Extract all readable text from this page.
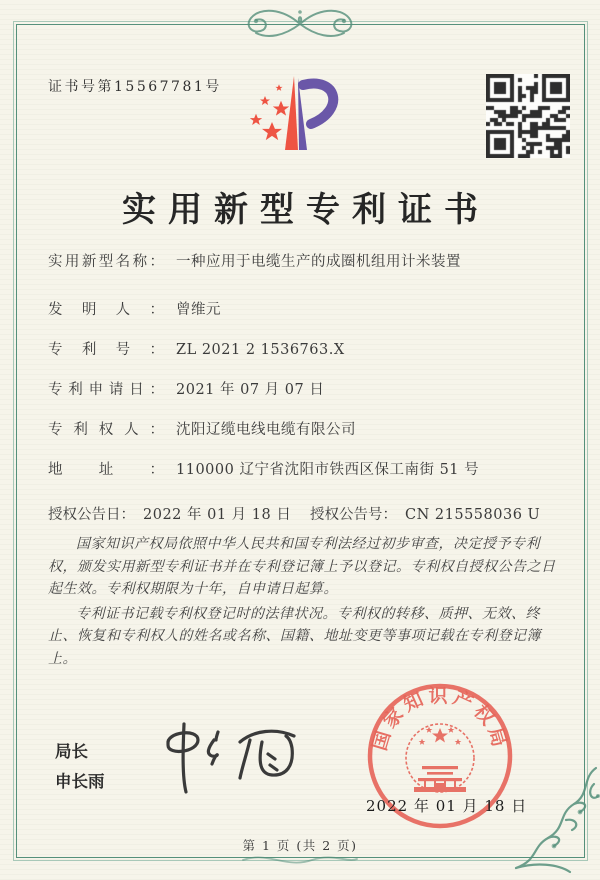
证书号第15567781号
实用新型专利证书
实用新型名称： 一种应用于电缆生产的成圈机组用计米装置
发明人： 曾维元
专利号： ZL 2021 2 1536763.X
专利申请日： 2021 年 07 月 07 日
专利权人： 沈阳辽缆电线电缆有限公司
地址： 110000 辽宁省沈阳市铁西区保工南街 51 号
授权公告日： 2022 年 01 月 18 日 授权公告号： CN 215558036 U

国家知识产权局依照中华人民共和国专利法经过初步审查，决定授予专利权，颁发实用新型专利证书并在专利登记簿上予以登记。专利权自授权公告之日起生效。专利权期限为十年，自申请日起算。

专利证书记载专利权登记时的法律状况。专利权的转移、质押、无效、终止、恢复和专利权人的姓名或名称、国籍、地址变更等事项记载在专利登记簿上。

局长
申长雨
国家知识产权局
2022 年 01 月 18 日
第 1 页 (共 2 页)
